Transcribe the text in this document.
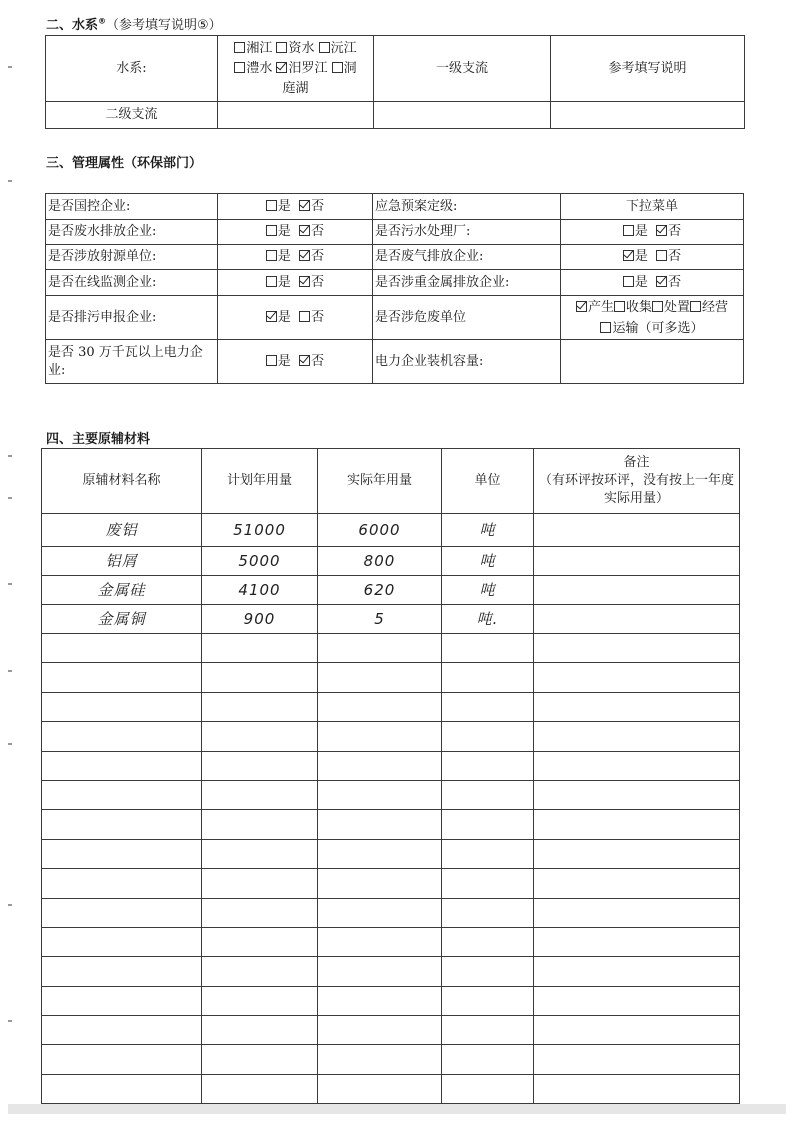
二、水系®（参考填写说明⑤）
水系:	湘江 资水 沅江
澧水 汨罗江 洞
庭湖	一级支流	参考填写说明
二级支流			
三、管理属性（环保部门）
是否国控企业:	是 否	应急预案定级:	下拉菜单
是否废水排放企业:	是 否	是否污水处理厂:	是 否
是否涉放射源单位:	是 否	是否废气排放企业:	是 否
是否在线监测企业:	是 否	是否涉重金属排放企业:	是 否
是否排污申报企业:	是 否	是否涉危废单位	产生 收集 处置 经营
运输（可多选）

是否 30 万千瓦以上电力企业:	是 否	电力企业装机容量:	
四、主要原辅材料
原辅材料名称	计划年用量	实际年用量	单位	备注
（有环评按环评，没有按上一年度实际用量）

废铝	51000	6000	吨	
铝屑	5000	800	吨	
金属硅	4100	620	吨	
金属铜	900	5	吨.	
